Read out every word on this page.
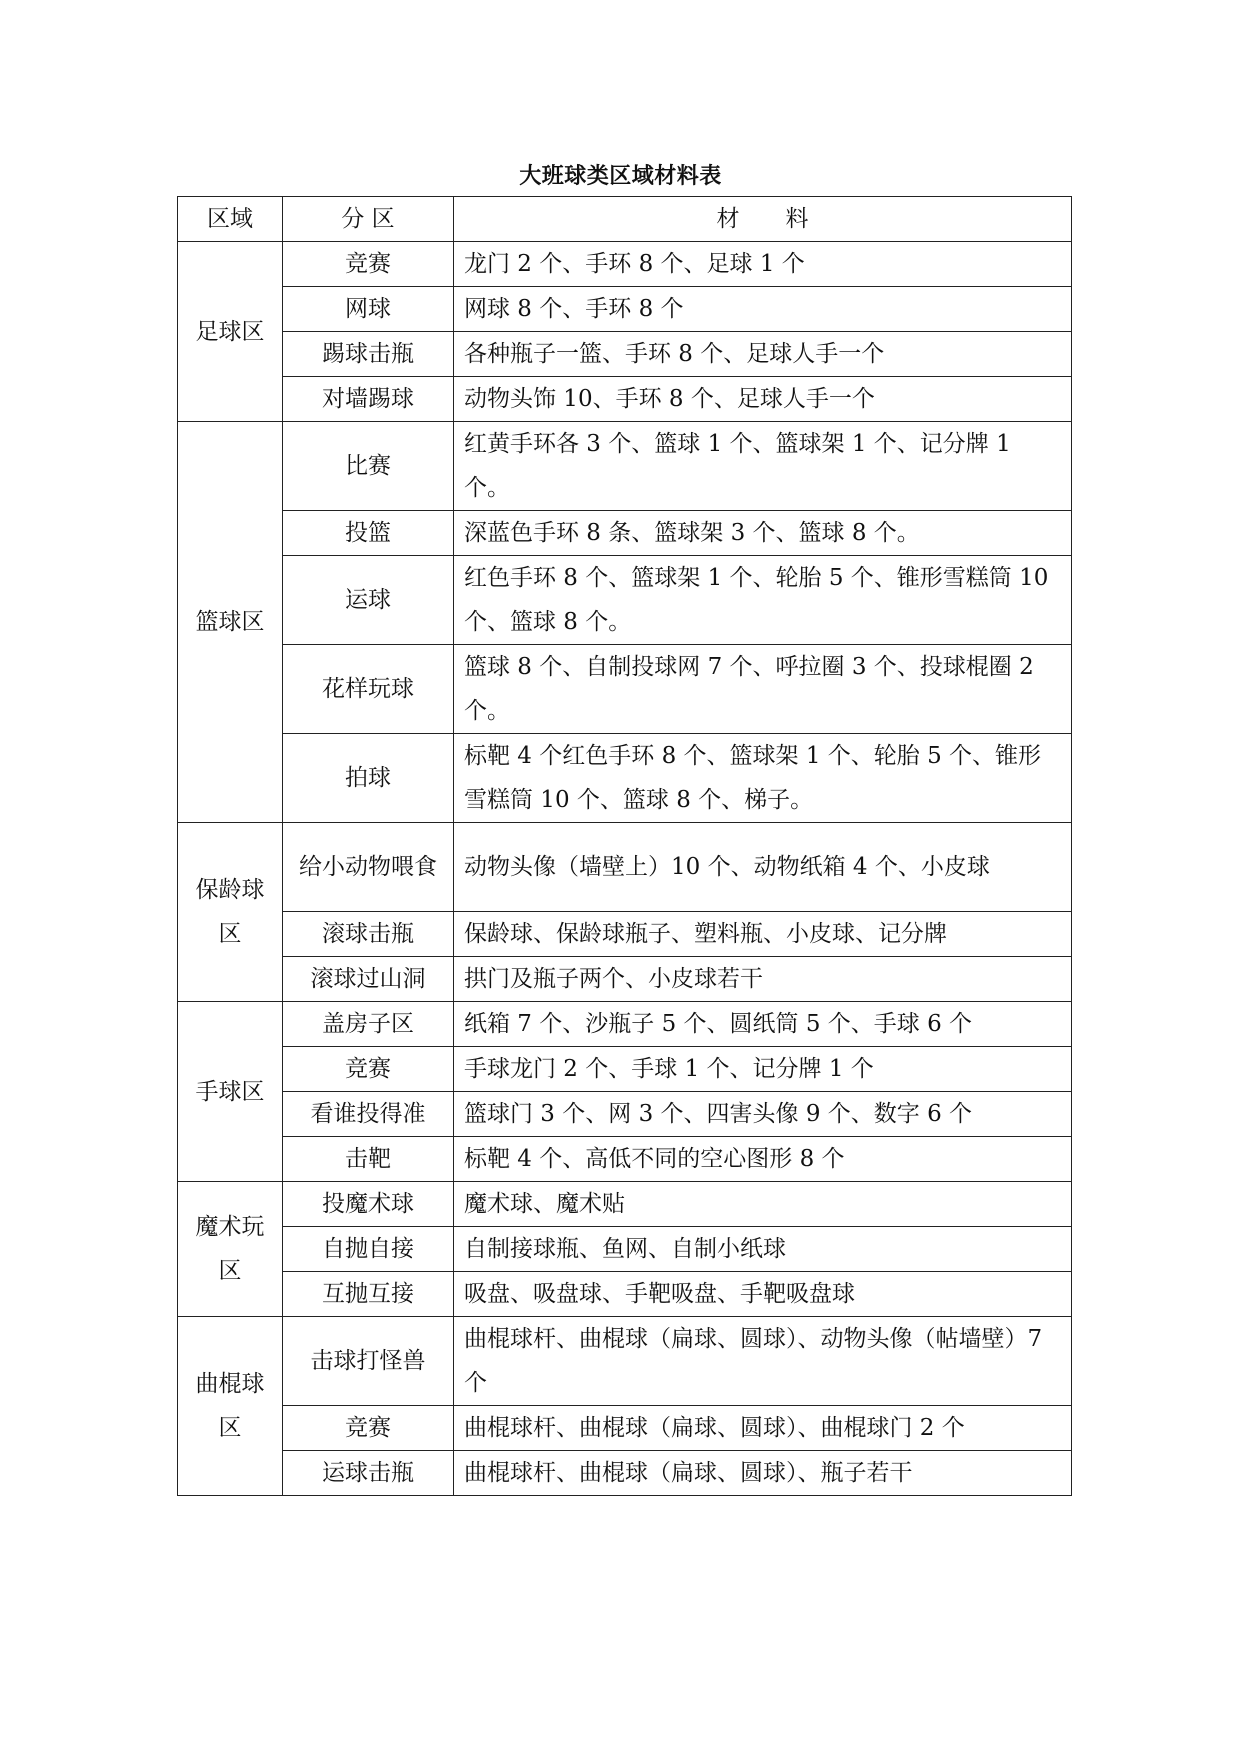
大班球类区域材料表
区域	分 区	材　　料
足球区	竞赛	龙门 2 个、手环 8 个、足球 1 个
	网球	网球 8 个、手环 8 个
	踢球击瓶	各种瓶子一篮、手环 8 个、足球人手一个
	对墙踢球	动物头饰 10、手环 8 个、足球人手一个
篮球区	比赛	红黄手环各 3 个、篮球 1 个、篮球架 1 个、记分牌 1 个。
	投篮	深蓝色手环 8 条、篮球架 3 个、篮球 8 个。
	运球	红色手环 8 个、篮球架 1 个、轮胎 5 个、锥形雪糕筒 10 个、篮球 8 个。
	花样玩球	篮球 8 个、自制投球网 7 个、呼拉圈 3 个、投球棍圈 2 个。
	拍球	标靶 4 个红色手环 8 个、篮球架 1 个、轮胎 5 个、锥形雪糕筒 10 个、篮球 8 个、梯子。
保龄球区	给小动物喂食	动物头像（墙壁上）10 个、动物纸箱 4 个、小皮球
	滚球击瓶	保龄球、保龄球瓶子、塑料瓶、小皮球、记分牌
	滚球过山洞	拱门及瓶子两个、小皮球若干
手球区	盖房子区	纸箱 7 个、沙瓶子 5 个、圆纸筒 5 个、手球 6 个
	竞赛	手球龙门 2 个、手球 1 个、记分牌 1 个
	看谁投得准	篮球门 3 个、网 3 个、四害头像 9 个、数字 6 个
	击靶	标靶 4 个、高低不同的空心图形 8 个
魔术玩区	投魔术球	魔术球、魔术贴
	自抛自接	自制接球瓶、鱼网、自制小纸球
	互抛互接	吸盘、吸盘球、手靶吸盘、手靶吸盘球
曲棍球区	击球打怪兽	曲棍球杆、曲棍球（扁球、圆球）、动物头像（帖墙壁）7 个
	竞赛	曲棍球杆、曲棍球（扁球、圆球）、曲棍球门 2 个
	运球击瓶	曲棍球杆、曲棍球（扁球、圆球）、瓶子若干
